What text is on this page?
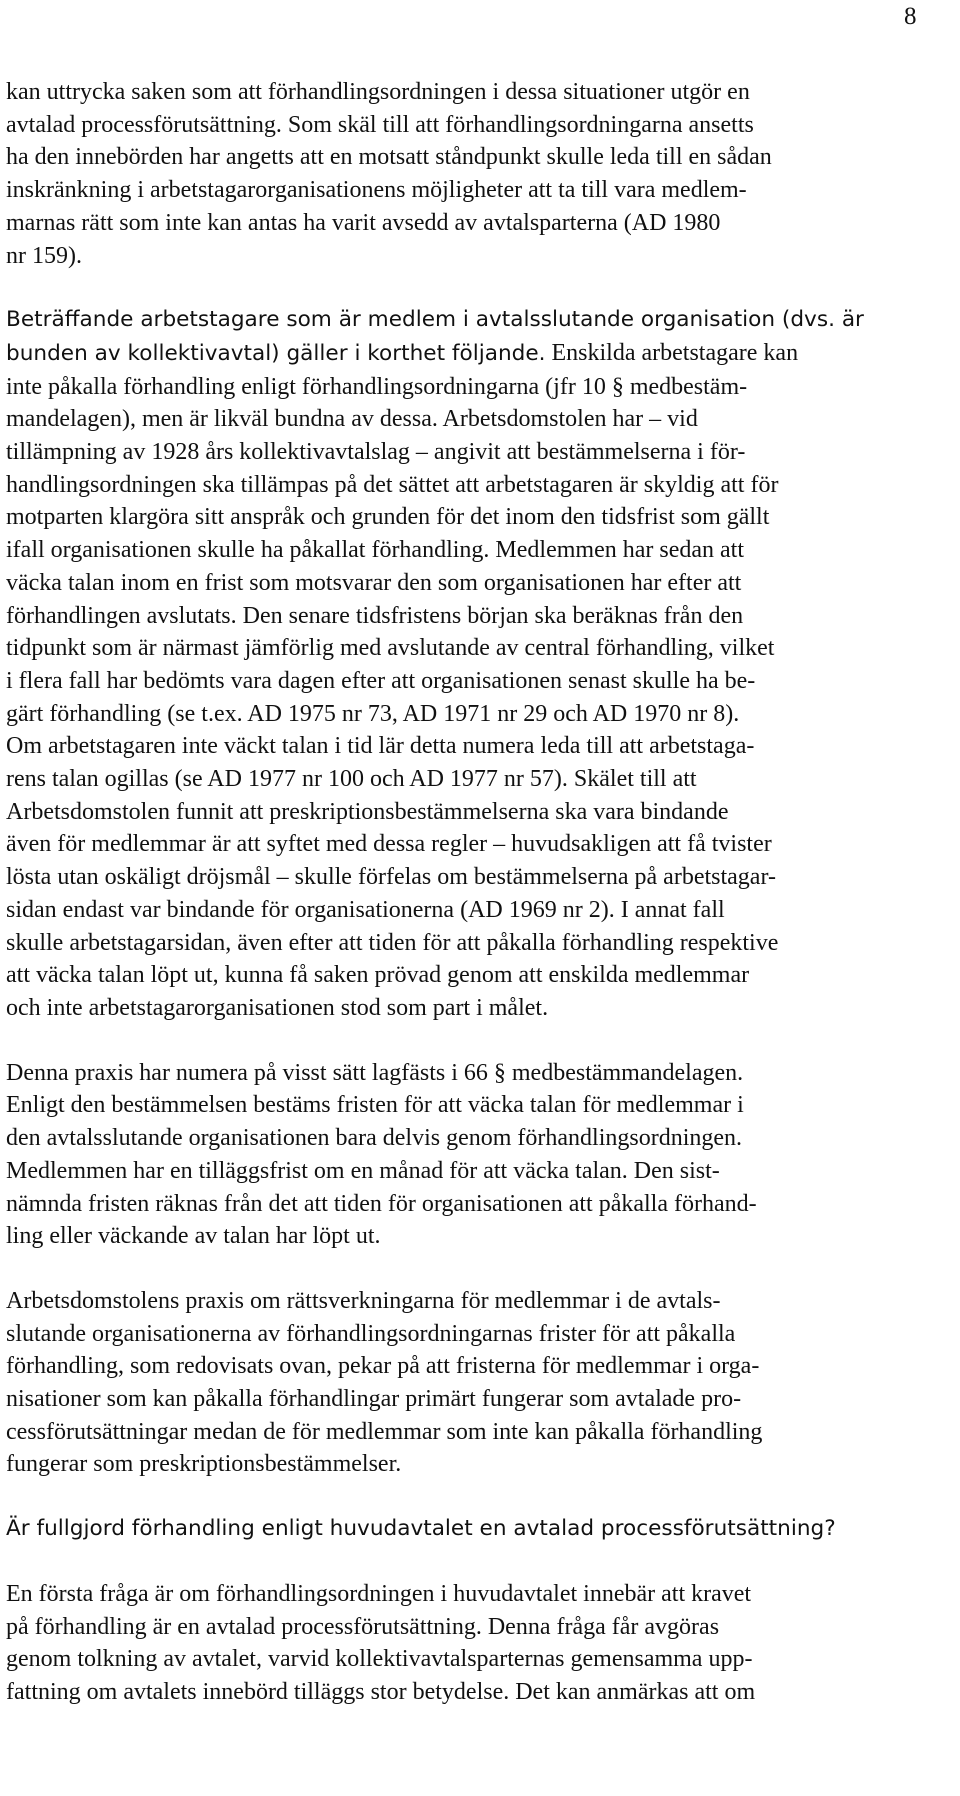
8
kan uttrycka saken som att förhandlingsordningen i dessa situationer utgör en
avtalad processförutsättning. Som skäl till att förhandlingsordningarna ansetts
ha den innebörden har angetts att en motsatt ståndpunkt skulle leda till en sådan
inskränkning i arbetstagarorganisationens möjligheter att ta till vara medlem-
marnas rätt som inte kan antas ha varit avsedd av avtalsparterna (AD 1980
nr 159).
Beträffande arbetstagare som är medlem i avtalsslutande organisation (dvs. är
bunden av kollektivavtal) gäller i korthet följande. Enskilda arbetstagare kan
inte påkalla förhandling enligt förhandlingsordningarna (jfr 10 § medbestäm-
mandelagen), men är likväl bundna av dessa. Arbetsdomstolen har – vid
tillämpning av 1928 års kollektivavtalslag – angivit att bestämmelserna i för-
handlingsordningen ska tillämpas på det sättet att arbetstagaren är skyldig att för
motparten klargöra sitt anspråk och grunden för det inom den tidsfrist som gällt
ifall organisationen skulle ha påkallat förhandling. Medlemmen har sedan att
väcka talan inom en frist som motsvarar den som organisationen har efter att
förhandlingen avslutats. Den senare tidsfristens början ska beräknas från den
tidpunkt som är närmast jämförlig med avslutande av central förhandling, vilket
i flera fall har bedömts vara dagen efter att organisationen senast skulle ha be-
gärt förhandling (se t.ex. AD 1975 nr 73, AD 1971 nr 29 och AD 1970 nr 8).
Om arbetstagaren inte väckt talan i tid lär detta numera leda till att arbetstaga-
rens talan ogillas (se AD 1977 nr 100 och AD 1977 nr 57). Skälet till att
Arbetsdomstolen funnit att preskriptionsbestämmelserna ska vara bindande
även för medlemmar är att syftet med dessa regler – huvudsakligen att få tvister
lösta utan oskäligt dröjsmål – skulle förfelas om bestämmelserna på arbetstagar-
sidan endast var bindande för organisationerna (AD 1969 nr 2). I annat fall
skulle arbetstagarsidan, även efter att tiden för att påkalla förhandling respektive
att väcka talan löpt ut, kunna få saken prövad genom att enskilda medlemmar
och inte arbetstagarorganisationen stod som part i målet.
Denna praxis har numera på visst sätt lagfästs i 66 § medbestämmandelagen.
Enligt den bestämmelsen bestäms fristen för att väcka talan för medlemmar i
den avtalsslutande organisationen bara delvis genom förhandlingsordningen.
Medlemmen har en tilläggsfrist om en månad för att väcka talan. Den sist-
nämnda fristen räknas från det att tiden för organisationen att påkalla förhand-
ling eller väckande av talan har löpt ut.
Arbetsdomstolens praxis om rättsverkningarna för medlemmar i de avtals-
slutande organisationerna av förhandlingsordningarnas frister för att påkalla
förhandling, som redovisats ovan, pekar på att fristerna för medlemmar i orga-
nisationer som kan påkalla förhandlingar primärt fungerar som avtalade pro-
cessförutsättningar medan de för medlemmar som inte kan påkalla förhandling
fungerar som preskriptionsbestämmelser.
Är fullgjord förhandling enligt huvudavtalet en avtalad processförutsättning?
En första fråga är om förhandlingsordningen i huvudavtalet innebär att kravet
på förhandling är en avtalad processförutsättning. Denna fråga får avgöras
genom tolkning av avtalet, varvid kollektivavtalsparternas gemensamma upp-
fattning om avtalets innebörd tilläggs stor betydelse. Det kan anmärkas att om
